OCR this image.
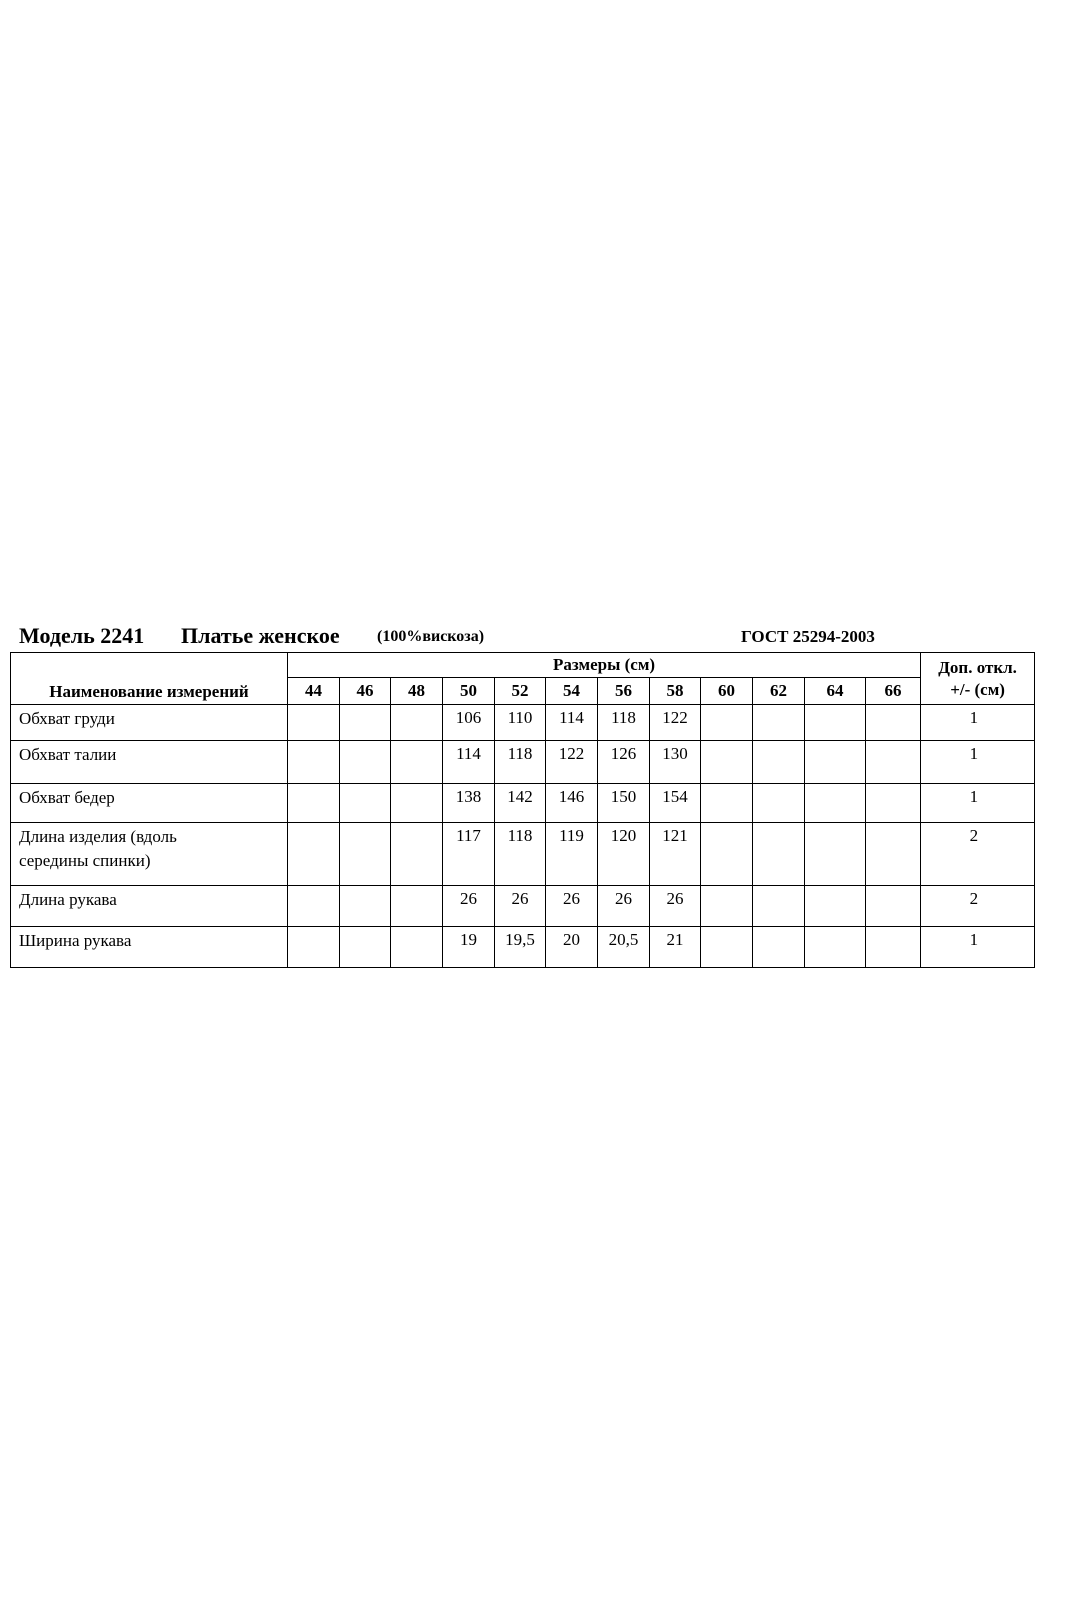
Модель 2241 Платье женское (100%вискоза)	ГОСТ 25294-2003
Наименование измерений	Размеры (см)												Доп. откл.
+/- (см)

	44	46	48	50	52	54	56	58	60	62	64	66	
Обхват груди				106	110	114	118	122					1
Обхват талии				114	118	122	126	130					1
Обхват бедер				138	142	146	150	154					1

Длина изделия (вдоль
середины спинки)				117	118	119	120	121					2
Длина рукава				26	26	26	26	26					2
Ширина рукава				19	19,5	20	20,5	21					1
